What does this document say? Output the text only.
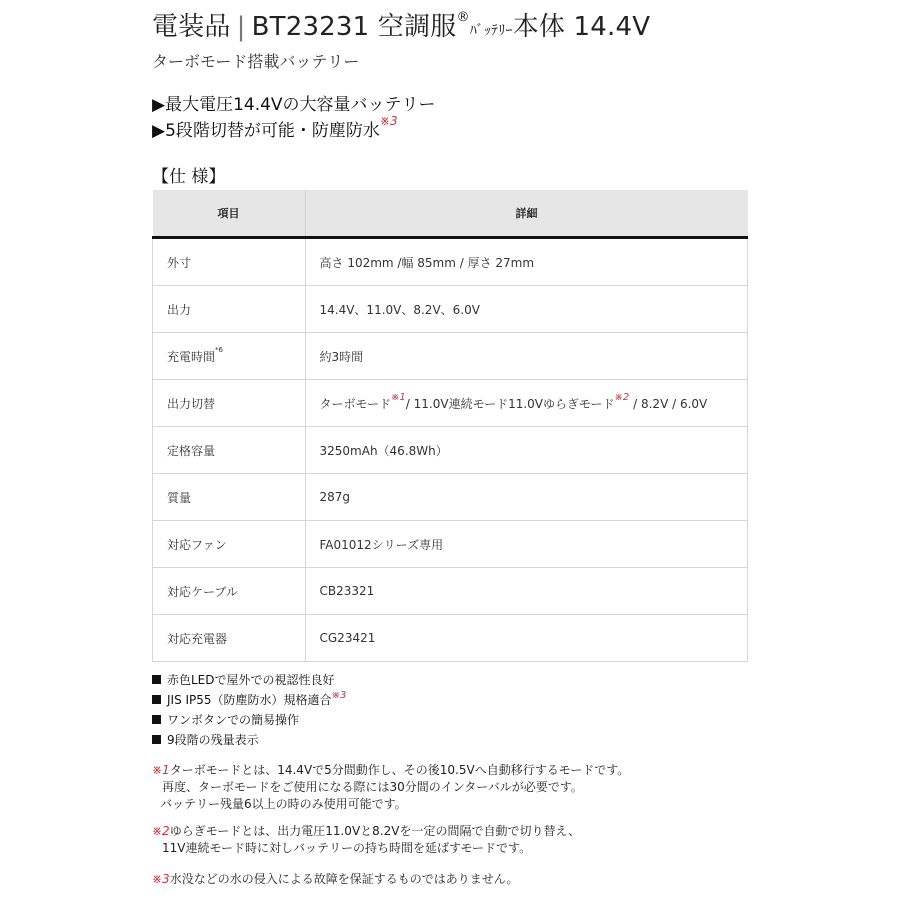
電装品 | BT23231 空調服®ﾊﾞｯﾃﾘｰ本体 14.4V
ターボモード搭載バッテリー
▶最大電圧14.4Vの大容量バッテリー
▶5段階切替が可能・防塵防水$^{※3}$
【仕 様】
項目	詳細
外寸	高さ 102mm /幅 85mm / 厚さ 27mm
出力	14.4V、11.0V、8.2V、6.0V
充電時間$^{*6}$	約3時間
出力切替	ターボモード$^{※1}$/ 11.0V連続モード11.0Vゆらぎモード$^{※2}$ / 8.2V / 6.0V
定格容量	3250mAh（46.8Wh）
質量	287g
対応ファン	FA01012シリーズ専用
対応ケーブル	CB23321
対応充電器	CG23421
赤色LEDで屋外での視認性良好
JIS IP55（防塵防水）規格適合$^{※3}$
ワンボタンでの簡易操作
9段階の残量表示
※1ターボモードとは、14.4Vで5分間動作し、その後10.5Vへ自動移行するモードです。
再度、ターボモードをご使用になる際には30分間のインターバルが必要です。
バッテリー残量6以上の時のみ使用可能です。
※2ゆらぎモードとは、出力電圧11.0Vと8.2Vを一定の間隔で自動で切り替え、
11V連続モード時に対しバッテリーの持ち時間を延ばすモードです。
※3水没などの水の侵入による故障を保証するものではありません。
